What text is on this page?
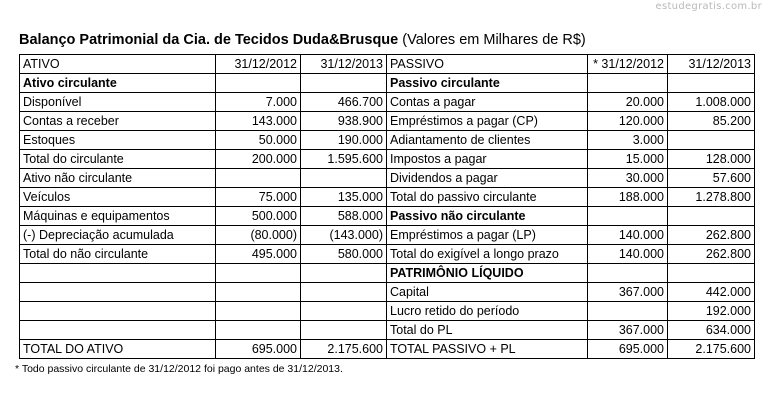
estudegratis.com.br
Balanço Patrimonial da Cia. de Tecidos Duda&Brusque (Valores em Milhares de R$)
ATIVO	31/12/2012	31/12/2013	PASSIVO	* 31/12/2012	31/12/2013
Ativo circulante			Passivo circulante		
Disponível	7.000	466.700	Contas a pagar	20.000	1.008.000
Contas a receber	143.000	938.900	Empréstimos a pagar (CP)	120.000	85.200
Estoques	50.000	190.000	Adiantamento de clientes	3.000	
Total do circulante	200.000	1.595.600	Impostos a pagar	15.000	128.000
Ativo não circulante			Dividendos a pagar	30.000	57.600
Veículos	75.000	135.000	Total do passivo circulante	188.000	1.278.800
Máquinas e equipamentos	500.000	588.000	Passivo não circulante		
(-) Depreciação acumulada	(80.000)	(143.000)	Empréstimos a pagar (LP)	140.000	262.800
Total do não circulante	495.000	580.000	Total do exigível a longo prazo	140.000	262.800
			PATRIMÔNIO LÍQUIDO		
			Capital	367.000	442.000
			Lucro retido do período		192.000
			Total do PL	367.000	634.000
TOTAL DO ATIVO	695.000	2.175.600	TOTAL PASSIVO + PL	695.000	2.175.600
* Todo passivo circulante de 31/12/2012 foi pago antes de 31/12/2013.
